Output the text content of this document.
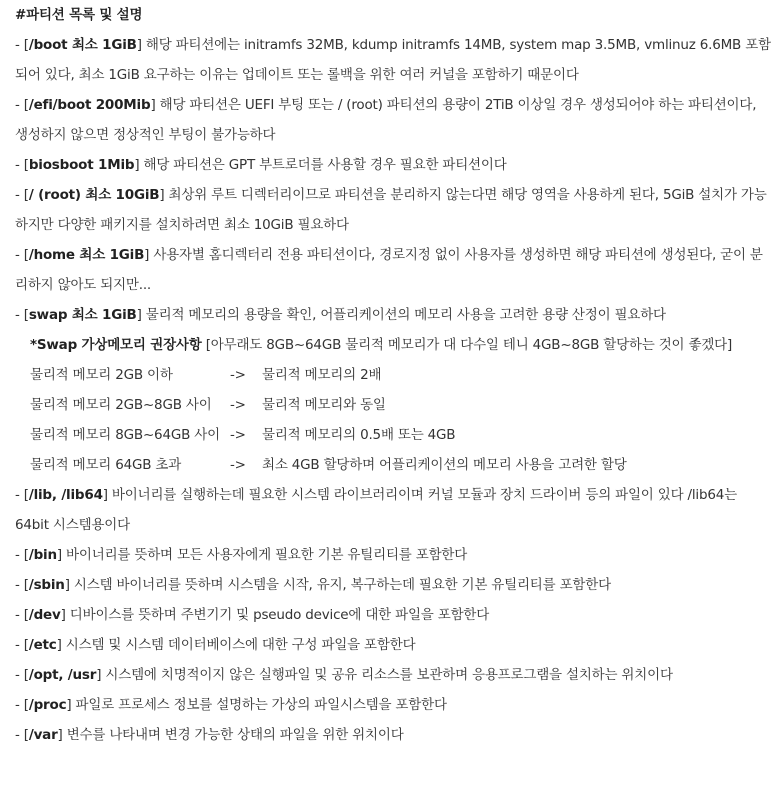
#파티션 목록 및 설명
- [/boot 최소 1GiB] 해당 파티션에는 initramfs 32MB, kdump initramfs 14MB, system map 3.5MB, vmlinuz 6.6MB 포함되어 있다, 최소 1GiB 요구하는 이유는 업데이트 또는 롤백을 위한 여러 커널을 포함하기 때문이다
- [/efi/boot 200Mib] 해당 파티션은 UEFI 부팅 또는 / (root) 파티션의 용량이 2TiB 이상일 경우 생성되어야 하는 파티션이다, 생성하지 않으면 정상적인 부팅이 불가능하다
- [biosboot 1Mib] 해당 파티션은 GPT 부트로더를 사용할 경우 필요한 파티션이다
- [/ (root) 최소 10GiB] 최상위 루트 디렉터리이므로 파티션을 분리하지 않는다면 해당 영역을 사용하게 된다, 5GiB 설치가 가능하지만 다양한 패키지를 설치하려면 최소 10GiB 필요하다
- [/home 최소 1GiB] 사용자별 홈디렉터리 전용 파티션이다, 경로지정 없이 사용자를 생성하면 해당 파티션에 생성된다, 굳이 분리하지 않아도 되지만...
- [swap 최소 1GiB] 물리적 메모리의 용량을 확인, 어플리케이션의 메모리 사용을 고려한 용량 산정이 필요하다
*Swap 가상메모리 권장사항 [아무래도 8GB~64GB 물리적 메모리가 대 다수일 테니 4GB~8GB 할당하는 것이 좋겠다]
물리적 메모리 2GB 이하	->	물리적 메모리의 2배
물리적 메모리 2GB~8GB 사이	->	물리적 메모리와 동일
물리적 메모리 8GB~64GB 사이 ->	물리적 메모리의 0.5배 또는 4GB
물리적 메모리 64GB 초과	->	최소 4GB 할당하며 어플리케이션의 메모리 사용을 고려한 할당
- [/lib, /lib64] 바이너리를 실행하는데 필요한 시스템 라이브러리이며 커널 모듈과 장치 드라이버 등의 파일이 있다 /lib64는 64bit 시스템용이다
- [/bin] 바이너리를 뜻하며 모든 사용자에게 필요한 기본 유틸리티를 포함한다
- [/sbin] 시스템 바이너리를 뜻하며 시스템을 시작, 유지, 복구하는데 필요한 기본 유틸리티를 포함한다
- [/dev] 디바이스를 뜻하며 주변기기 및 pseudo device에 대한 파일을 포함한다
- [/etc] 시스템 및 시스템 데이터베이스에 대한 구성 파일을 포함한다
- [/opt, /usr] 시스템에 치명적이지 않은 실행파일 및 공유 리소스를 보관하며 응용프로그램을 설치하는 위치이다
- [/proc] 파일로 프로세스 정보를 설명하는 가상의 파일시스템을 포함한다
- [/var] 변수를 나타내며 변경 가능한 상태의 파일을 위한 위치이다
